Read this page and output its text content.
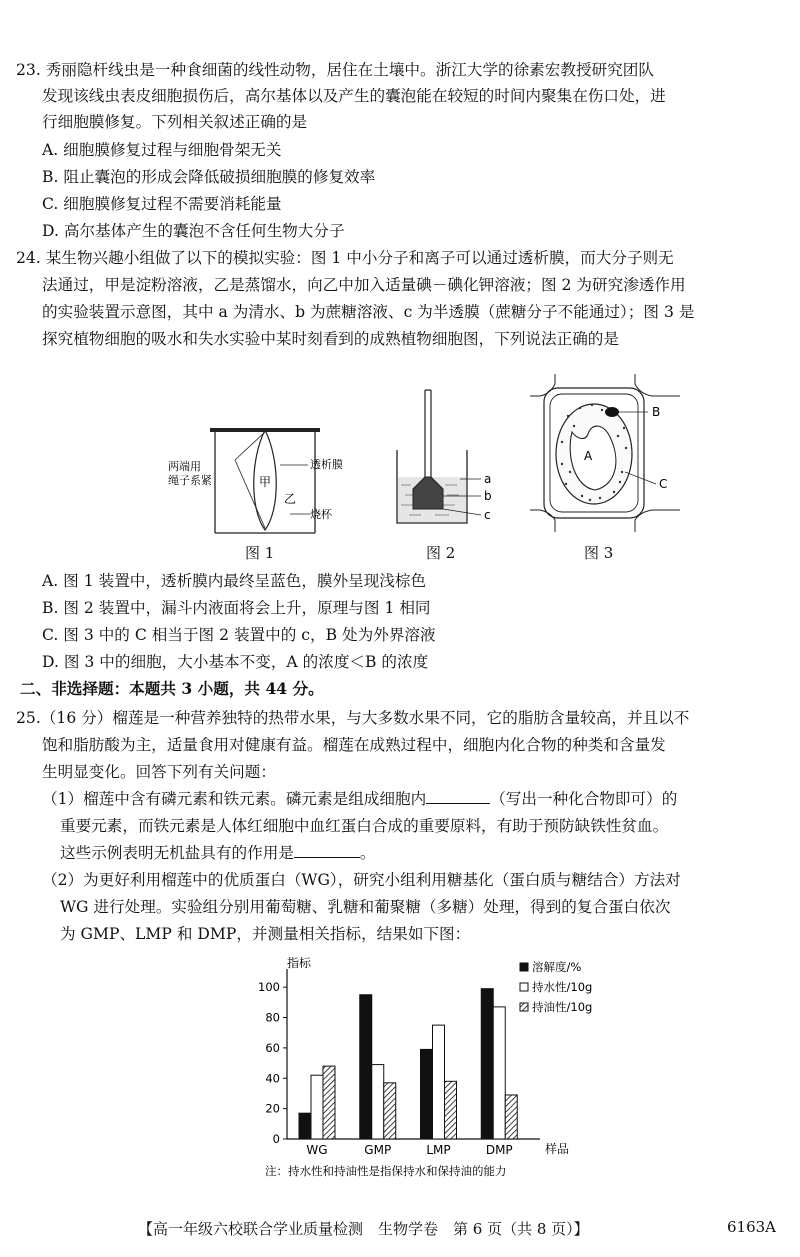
23. 秀丽隐杆线虫是一种食细菌的线性动物，居住在土壤中。浙江大学的徐素宏教授研究团队
发现该线虫表皮细胞损伤后，高尔基体以及产生的囊泡能在较短的时间内聚集在伤口处，进
行细胞膜修复。下列相关叙述正确的是
A. 细胞膜修复过程与细胞骨架无关
B. 阻止囊泡的形成会降低破损细胞膜的修复效率
C. 细胞膜修复过程不需要消耗能量
D. 高尔基体产生的囊泡不含任何生物大分子
24. 某生物兴趣小组做了以下的模拟实验：图 1 中小分子和离子可以通过透析膜，而大分子则无
法通过，甲是淀粉溶液，乙是蒸馏水，向乙中加入适量碘－碘化钾溶液；图 2 为研究渗透作用
的实验装置示意图，其中 a 为清水、b 为蔗糖溶液、c 为半透膜（蔗糖分子不能通过）；图 3 是
探究植物细胞的吸水和失水实验中某时刻看到的成熟植物细胞图，下列说法正确的是
两端用
绳子系紧
透析膜
甲
乙
烧杯
图 1
a
b
c
图 2
B
A
C
图 3
A. 图 1 装置中，透析膜内最终呈蓝色，膜外呈现浅棕色
B. 图 2 装置中，漏斗内液面将会上升，原理与图 1 相同
C. 图 3 中的 C 相当于图 2 装置中的 c，B 处为外界溶液
D. 图 3 中的细胞，大小基本不变，A 的浓度＜B 的浓度
二、非选择题：本题共 3 小题，共 44 分。
25.（16 分）榴莲是一种营养独特的热带水果，与大多数水果不同，它的脂肪含量较高，并且以不
饱和脂肪酸为主，适量食用对健康有益。榴莲在成熟过程中，细胞内化合物的种类和含量发
生明显变化。回答下列有关问题：
（1）榴莲中含有磷元素和铁元素。磷元素是组成细胞内	（写出一种化合物即可）的
重要元素，而铁元素是人体红细胞中血红蛋白合成的重要原料，有助于预防缺铁性贫血。
这些示例表明无机盐具有的作用是	。
（2）为更好利用榴莲中的优质蛋白（WG），研究小组利用糖基化（蛋白质与糖结合）方法对
WG 进行处理。实验组分别用葡萄糖、乳糖和葡聚糖（多糖）处理，得到的复合蛋白依次
为 GMP、LMP 和 DMP，并测量相关指标，结果如下图：
指标
样品
注：持水性和持油性是指保持水和保持油的能力
0
20
40
60
80
100
WG	GMP	LMP	DMP
溶解度/%
持水性/10g
持油性/10g
【高一年级六校联合学业质量检测　生物学卷　第 6 页（共 8 页）】	6163A
